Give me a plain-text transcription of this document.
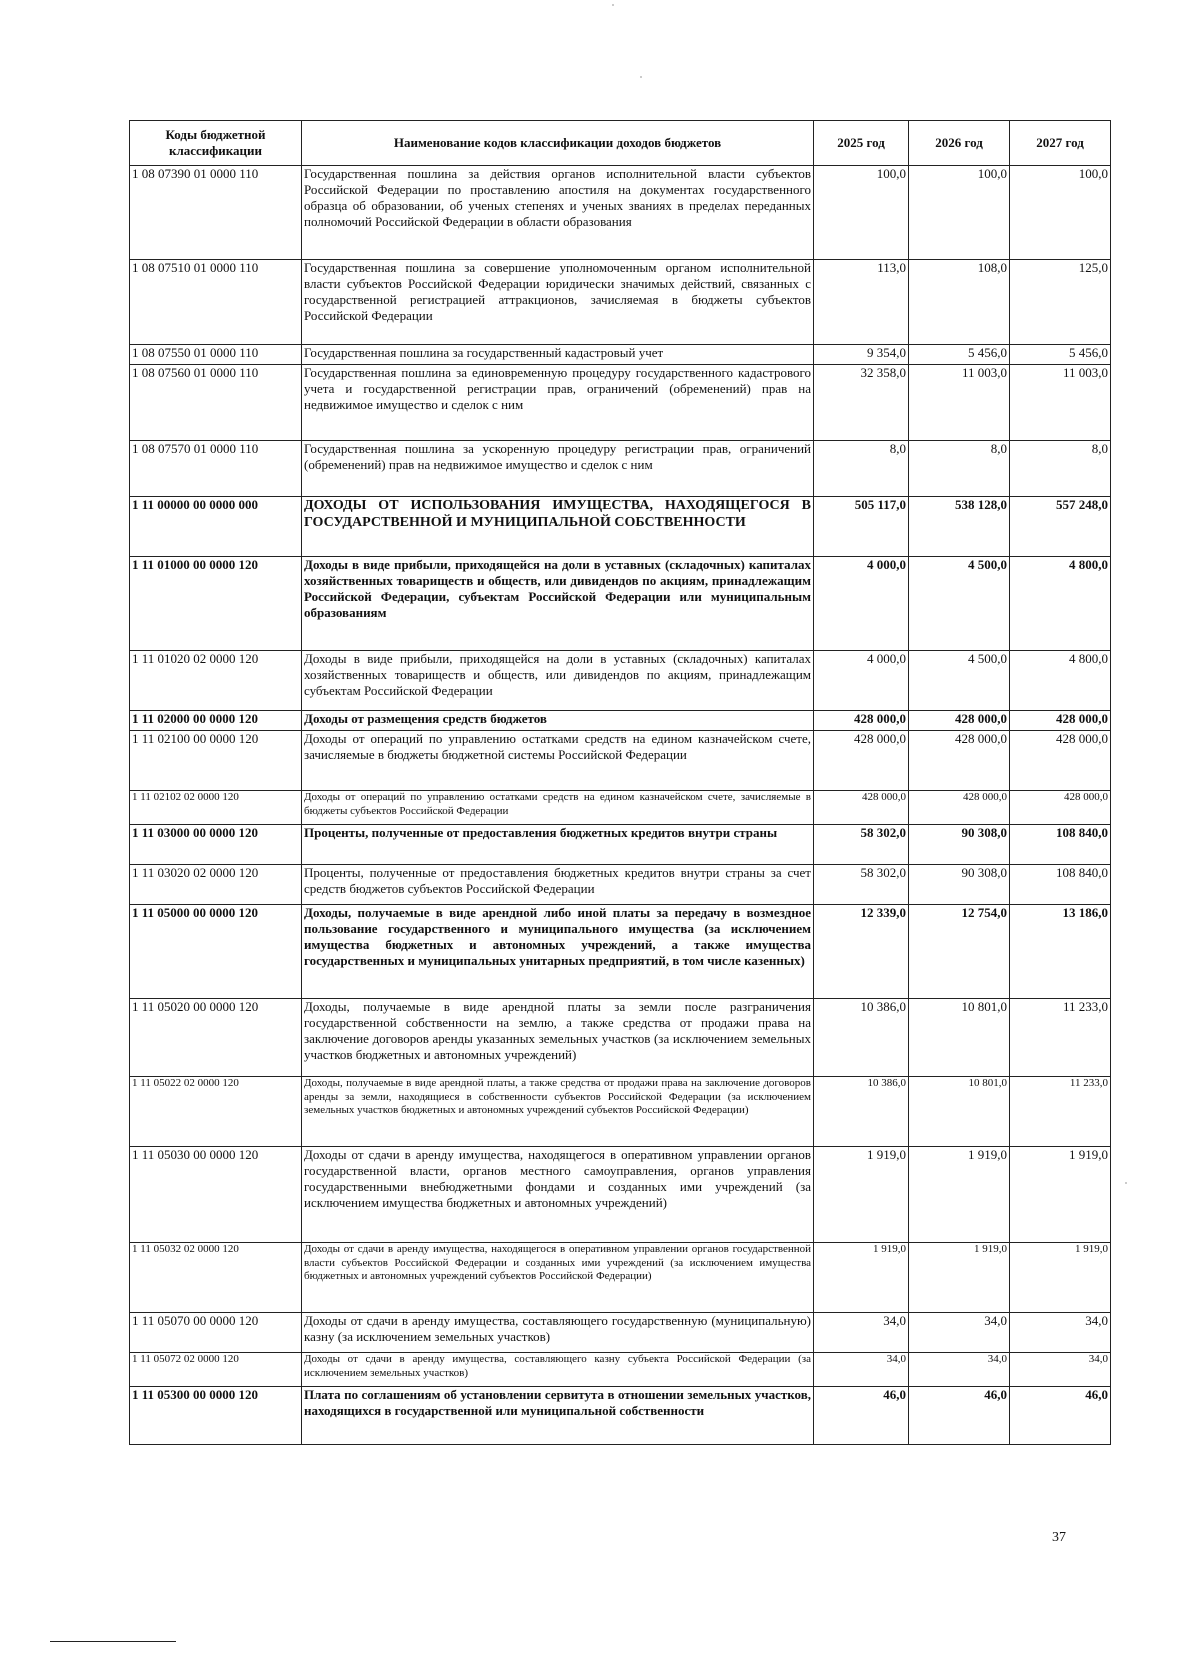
Коды бюджетной классификации	Наименование кодов классификации доходов бюджетов	2025 год	2026 год	2027 год
1 08 07390 01 0000 110	Государственная пошлина за действия органов исполнительной власти субъектов Российской Федерации по проставлению апостиля на документах государственного образца об образовании, об ученых степенях и ученых званиях в пределах переданных полномочий Российской Федерации в области образования	100,0	100,0	100,0
1 08 07510 01 0000 110	Государственная пошлина за совершение уполномоченным органом исполнительной власти субъектов Российской Федерации юридически значимых действий, связанных с государственной регистрацией аттракционов, зачисляемая в бюджеты субъектов Российской Федерации	113,0	108,0	125,0
1 08 07550 01 0000 110	Государственная пошлина за государственный кадастровый учет	9 354,0	5 456,0	5 456,0
1 08 07560 01 0000 110	Государственная пошлина за единовременную процедуру государственного кадастрового учета и государственной регистрации прав, ограничений (обременений) прав на недвижимое имущество и сделок с ним	32 358,0	11 003,0	11 003,0
1 08 07570 01 0000 110	Государственная пошлина за ускоренную процедуру регистрации прав, ограничений (обременений) прав на недвижимое имущество и сделок с ним	8,0	8,0	8,0
1 11 00000 00 0000 000	ДОХОДЫ ОТ ИСПОЛЬЗОВАНИЯ ИМУЩЕСТВА, НАХОДЯЩЕГОСЯ В ГОСУДАРСТВЕННОЙ И МУНИЦИПАЛЬНОЙ СОБСТВЕННОСТИ	505 117,0	538 128,0	557 248,0
1 11 01000 00 0000 120	Доходы в виде прибыли, приходящейся на доли в уставных (складочных) капиталах хозяйственных товариществ и обществ, или дивидендов по акциям, принадлежащим Российской Федерации, субъектам Российской Федерации или муниципальным образованиям	4 000,0	4 500,0	4 800,0
1 11 01020 02 0000 120	Доходы в виде прибыли, приходящейся на доли в уставных (складочных) капиталах хозяйственных товариществ и обществ, или дивидендов по акциям, принадлежащим субъектам Российской Федерации	4 000,0	4 500,0	4 800,0
1 11 02000 00 0000 120	Доходы от размещения средств бюджетов	428 000,0	428 000,0	428 000,0
1 11 02100 00 0000 120	Доходы от операций по управлению остатками средств на едином казначейском счете, зачисляемые в бюджеты бюджетной системы Российской Федерации	428 000,0	428 000,0	428 000,0
1 11 02102 02 0000 120	Доходы от операций по управлению остатками средств на едином казначейском счете, зачисляемые в бюджеты субъектов Российской Федерации	428 000,0	428 000,0	428 000,0
1 11 03000 00 0000 120	Проценты, полученные от предоставления бюджетных кредитов внутри страны	58 302,0	90 308,0	108 840,0
1 11 03020 02 0000 120	Проценты, полученные от предоставления бюджетных кредитов внутри страны за счет средств бюджетов субъектов Российской Федерации	58 302,0	90 308,0	108 840,0
1 11 05000 00 0000 120	Доходы, получаемые в виде арендной либо иной платы за передачу в возмездное пользование государственного и муниципального имущества (за исключением имущества бюджетных и автономных учреждений, а также имущества государственных и муниципальных унитарных предприятий, в том числе казенных)	12 339,0	12 754,0	13 186,0
1 11 05020 00 0000 120	Доходы, получаемые в виде арендной платы за земли после разграничения государственной собственности на землю, а также средства от продажи права на заключение договоров аренды указанных земельных участков (за исключением земельных участков бюджетных и автономных учреждений)	10 386,0	10 801,0	11 233,0
1 11 05022 02 0000 120	Доходы, получаемые в виде арендной платы, а также средства от продажи права на заключение договоров аренды за земли, находящиеся в собственности субъектов Российской Федерации (за исключением земельных участков бюджетных и автономных учреждений субъектов Российской Федерации)	10 386,0	10 801,0	11 233,0
1 11 05030 00 0000 120	Доходы от сдачи в аренду имущества, находящегося в оперативном управлении органов государственной власти, органов местного самоуправления, органов управления государственными внебюджетными фондами и созданных ими учреждений (за исключением имущества бюджетных и автономных учреждений)	1 919,0	1 919,0	1 919,0
1 11 05032 02 0000 120	Доходы от сдачи в аренду имущества, находящегося в оперативном управлении органов государственной власти субъектов Российской Федерации и созданных ими учреждений (за исключением имущества бюджетных и автономных учреждений субъектов Российской Федерации)	1 919,0	1 919,0	1 919,0
1 11 05070 00 0000 120	Доходы от сдачи в аренду имущества, составляющего государственную (муниципальную) казну (за исключением земельных участков)	34,0	34,0	34,0
1 11 05072 02 0000 120	Доходы от сдачи в аренду имущества, составляющего казну субъекта Российской Федерации (за исключением земельных участков)	34,0	34,0	34,0
1 11 05300 00 0000 120	Плата по соглашениям об установлении сервитута в отношении земельных участков, находящихся в государственной или муниципальной собственности	46,0	46,0	46,0
37
